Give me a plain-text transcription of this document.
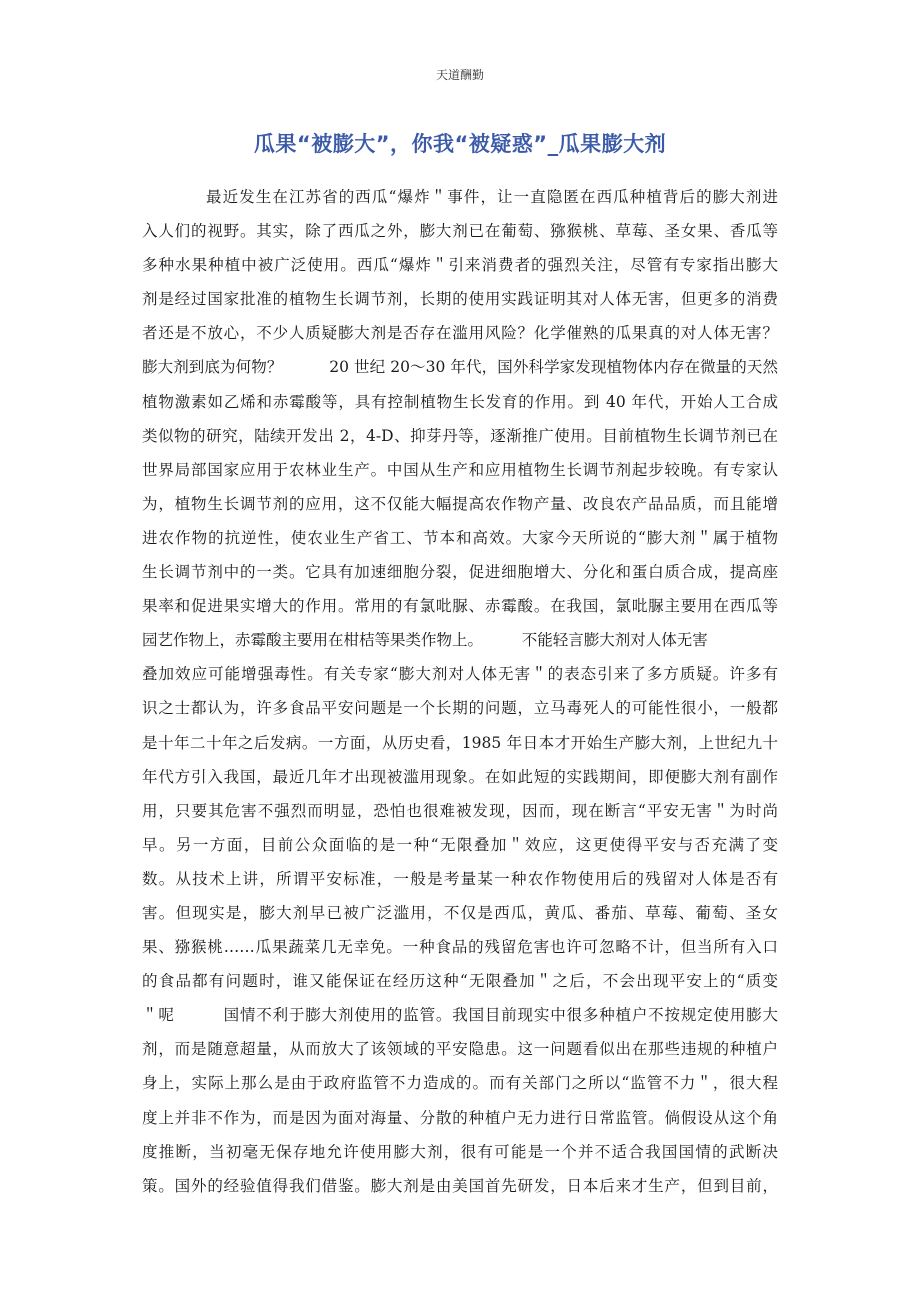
天道酬勤
瓜果“被膨大”，你我“被疑惑”_瓜果膨大剂
最近发生在江苏省的西瓜“爆炸＂事件，让一直隐匿在西瓜种植背后的膨大剂进
入人们的视野。其实，除了西瓜之外，膨大剂已在葡萄、猕猴桃、草莓、圣女果、香瓜等
多种水果种植中被广泛使用。西瓜“爆炸＂引来消费者的强烈关注，尽管有专家指出膨大
剂是经过国家批准的植物生长调节剂，长期的使用实践证明其对人体无害，但更多的消费
者还是不放心，不少人质疑膨大剂是否存在滥用风险？化学催熟的瓜果真的对人体无害？
膨大剂到底为何物？　　　20 世纪 20～30 年代，国外科学家发现植物体内存在微量的天然
植物激素如乙烯和赤霉酸等，具有控制植物生长发育的作用。到 40 年代，开始人工合成
类似物的研究，陆续开发出 2，4-D、抑芽丹等，逐渐推广使用。目前植物生长调节剂已在
世界局部国家应用于农林业生产。中国从生产和应用植物生长调节剂起步较晚。有专家认
为，植物生长调节剂的应用，这不仅能大幅提高农作物产量、改良农产品品质，而且能增
进农作物的抗逆性，使农业生产省工、节本和高效。大家今天所说的“膨大剂＂属于植物
生长调节剂中的一类。它具有加速细胞分裂，促进细胞增大、分化和蛋白质合成，提高座
果率和促进果实增大的作用。常用的有氯吡脲、赤霉酸。在我国，氯吡脲主要用在西瓜等
园艺作物上，赤霉酸主要用在柑桔等果类作物上。　　　不能轻言膨大剂对人体无害
叠加效应可能增强毒性。有关专家“膨大剂对人体无害＂的表态引来了多方质疑。许多有
识之士都认为，许多食品平安问题是一个长期的问题，立马毒死人的可能性很小，一般都
是十年二十年之后发病。一方面，从历史看，1985 年日本才开始生产膨大剂，上世纪九十
年代方引入我国，最近几年才出现被滥用现象。在如此短的实践期间，即便膨大剂有副作
用，只要其危害不强烈而明显，恐怕也很难被发现，因而，现在断言“平安无害＂为时尚
早。另一方面，目前公众面临的是一种“无限叠加＂效应，这更使得平安与否充满了变
数。从技术上讲，所谓平安标准，一般是考量某一种农作物使用后的残留对人体是否有
害。但现实是，膨大剂早已被广泛滥用，不仅是西瓜，黄瓜、番茄、草莓、葡萄、圣女
果、猕猴桃……瓜果蔬菜几无幸免。一种食品的残留危害也许可忽略不计，但当所有入口
的食品都有问题时，谁又能保证在经历这种“无限叠加＂之后，不会出现平安上的“质变
＂呢　　　国情不利于膨大剂使用的监管。我国目前现实中很多种植户不按规定使用膨大
剂，而是随意超量，从而放大了该领域的平安隐患。这一问题看似出在那些违规的种植户
身上，实际上那么是由于政府监管不力造成的。而有关部门之所以“监管不力＂，很大程
度上并非不作为，而是因为面对海量、分散的种植户无力进行日常监管。倘假设从这个角
度推断，当初毫无保存地允许使用膨大剂，很有可能是一个并不适合我国国情的武断决
策。国外的经验值得我们借鉴。膨大剂是由美国首先研发，日本后来才生产，但到目前，
